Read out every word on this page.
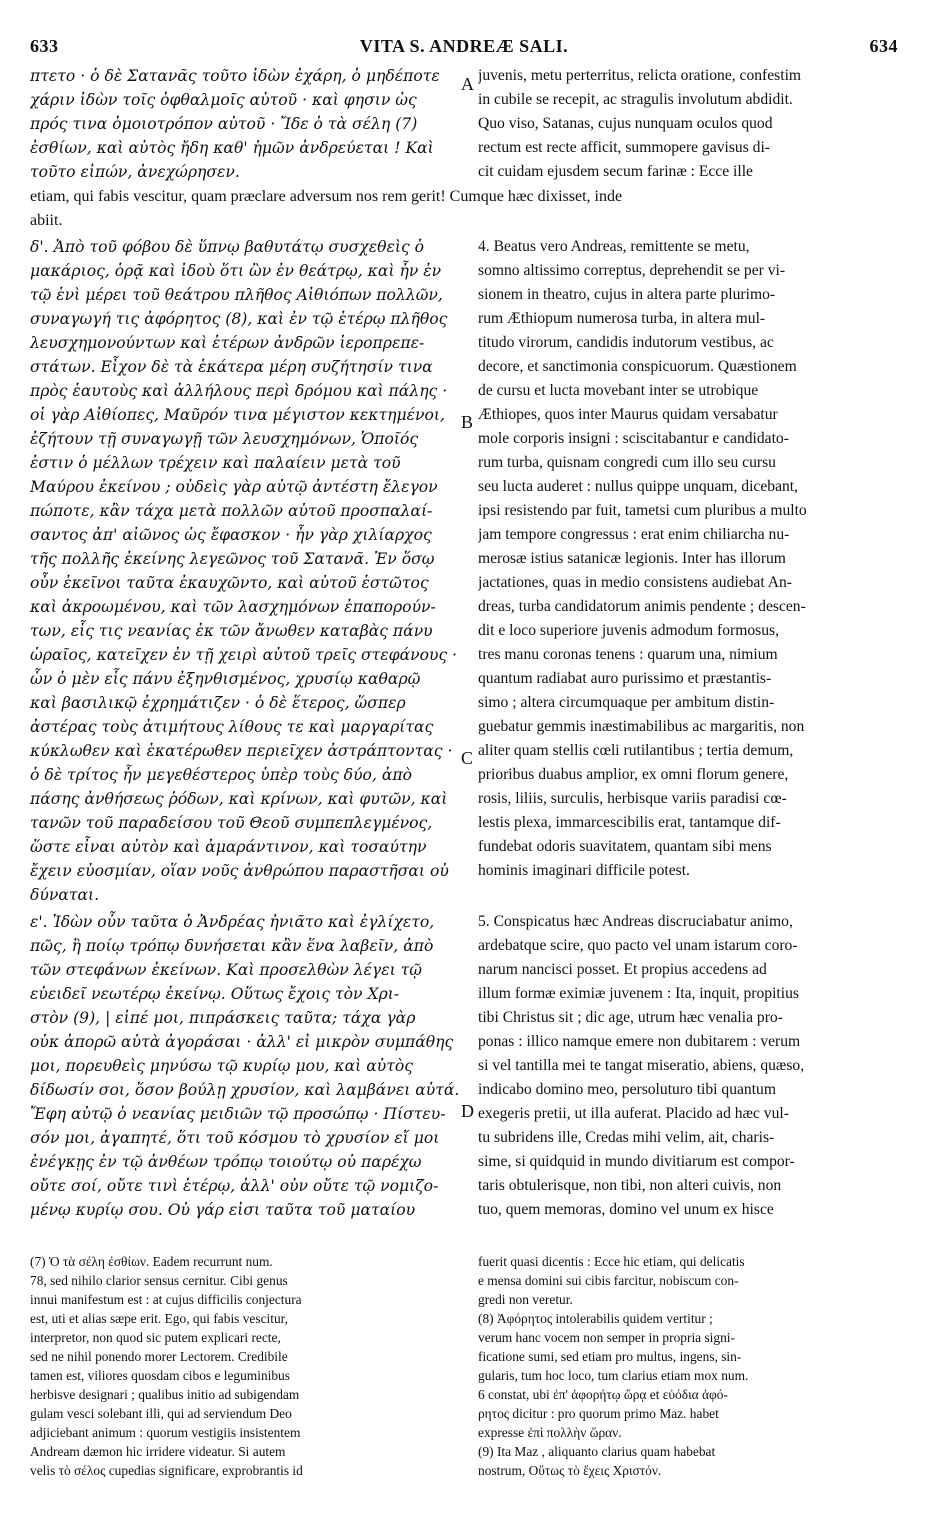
633	VITA S. ANDREÆ SALI.	634
πτετο · ὁ δὲ Σατανᾶς τοῦτο ἰδὼν ἐχάρη, ὁ μηδέποτε
χάριν ἰδὼν τοῖς ὀφθαλμοῖς αὐτοῦ · καὶ φησιν ὡς
πρός τινα ὁμοιοτρόπον αὐτοῦ · Ἴδε ὁ τὰ σέλη (7)
ἐσθίων, καὶ αὐτὸς ἤδη καθ' ἡμῶν ἀνδρεύεται ! Καὶ
τοῦτο εἰπών, ἀνεχώρησεν.
juvenis, metu perterritus, relicta oratione, confestim
in cubile se recepit, ac stragulis involutum abdidit.
Quo viso, Satanas, cujus nunquam oculos quod
rectum est recte afficit, summopere gavisus di-
cit cuidam ejusdem secum farinæ : Ecce ille
etiam, qui fabis vescitur, quam præclare adversum nos rem gerit! Cumque hæc dixisset, inde
abiit.
δ'. Ἀπὸ τοῦ φόβου δὲ ὕπνῳ βαθυτάτῳ συσχεθεὶς ὁ
μακάριος, ὁρᾷ καὶ ἰδοὺ ὅτι ὢν ἐν θεάτρῳ, καὶ ἦν ἐν
τῷ ἑνὶ μέρει τοῦ θεάτρου πλῆθος Αἰθιόπων πολλῶν,
συναγωγή τις ἀφόρητος (8), καὶ ἐν τῷ ἑτέρῳ πλῆθος
λευσχημονούντων καὶ ἑτέρων ἀνδρῶν ἱεροπρεπε-
στάτων. Εἶχον δὲ τὰ ἑκάτερα μέρη συζήτησίν τινα
πρὸς ἑαυτοὺς καὶ ἀλλήλους περὶ δρόμου καὶ πάλης ·
οἱ γὰρ Αἰθίοπες, Μαῦρόν τινα μέγιστον κεκτημένοι,
ἐζήτουν τῇ συναγωγῇ τῶν λευσχημόνων, Ὁποῖός
ἐστιν ὁ μέλλων τρέχειν καὶ παλαίειν μετὰ τοῦ
Μαύρου ἐκείνου ; οὐδεὶς γὰρ αὐτῷ ἀντέστη ἔλεγον
πώποτε, κἂν τάχα μετὰ πολλῶν αὐτοῦ προσπαλαί-
σαντος ἀπ' αἰῶνος ὡς ἔφασκον · ἦν γὰρ χιλίαρχος
τῆς πολλῆς ἐκείνης λεγεῶνος τοῦ Σατανᾶ. Ἐν ὅσῳ
οὖν ἐκεῖνοι ταῦτα ἐκαυχῶντο, καὶ αὐτοῦ ἑστῶτος
καὶ ἀκροωμένου, καὶ τῶν λασχημόνων ἐπαπορούν-
των, εἷς τις νεανίας ἐκ τῶν ἄνωθεν καταβὰς πάνυ
ὡραῖος, κατεῖχεν ἐν τῇ χειρὶ αὐτοῦ τρεῖς στεφάνους ·
ὧν ὁ μὲν εἷς πάνυ ἐξηνθισμένος, χρυσίῳ καθαρῷ
καὶ βασιλικῷ ἐχρημάτιζεν · ὁ δὲ ἕτερος, ὥσπερ
ἀστέρας τοὺς ἀτιμήτους λίθους τε καὶ μαργαρίτας
κύκλωθεν καὶ ἑκατέρωθεν περιεῖχεν ἀστράπτοντας ·
ὁ δὲ τρίτος ἦν μεγεθέστερος ὑπὲρ τοὺς δύο, ἀπὸ
πάσης ἀνθήσεως ῥόδων, καὶ κρίνων, καὶ φυτῶν, καὶ
τανῶν τοῦ παραδείσου τοῦ Θεοῦ συμπεπλεγμένος,
ὥστε εἶναι αὐτὸν καὶ ἀμαράντινον, καὶ τοσαύτην
ἔχειν εὐοσμίαν, οἵαν νοῦς ἀνθρώπου παραστῆσαι οὐ
δύναται.
4. Beatus vero Andreas, remittente se metu,
somno altissimo correptus, deprehendit se per vi-
sionem in theatro, cujus in altera parte plurimo-
rum Æthiopum numerosa turba, in altera mul-
titudo virorum, candidis indutorum vestibus, ac
decore, et sanctimonia conspicuorum. Quæstionem
de cursu et lucta movebant inter se utrobique
Æthiopes, quos inter Maurus quidam versabatur
mole corporis insigni : sciscitabantur e candidato-
rum turba, quisnam congredi cum illo seu cursu
seu lucta auderet : nullus quippe unquam, dicebant,
ipsi resistendo par fuit, tametsi cum pluribus a multo
jam tempore congressus : erat enim chiliarcha nu-
merosæ istius satanicæ legionis. Inter has illorum
jactationes, quas in medio consistens audiebat An-
dreas, turba candidatorum animis pendente ; descen-
dit e loco superiore juvenis admodum formosus,
tres manu coronas tenens : quarum una, nimium
quantum radiabat auro purissimo et præstantis-
simo ; altera circumquaque per ambitum distin-
guebatur gemmis inæstimabilibus ac margaritis, non
aliter quam stellis cœli rutilantibus ; tertia demum,
prioribus duabus amplior, ex omni florum genere,
rosis, liliis, surculis, herbisque variis paradisi cœ-
lestis plexa, immarcescibilis erat, tantamque dif-
fundebat odoris suavitatem, quantam sibi mens
hominis imaginari difficile potest.
ε'. Ἰδὼν οὖν ταῦτα ὁ Ἀνδρέας ἠνιᾶτο καὶ ἐγλίχετο,
πῶς, ἢ ποίῳ τρόπῳ δυνήσεται κἂν ἕνα λαβεῖν, ἀπὸ
τῶν στεφάνων ἐκείνων. Καὶ προσελθὼν λέγει τῷ
εὐειδεῖ νεωτέρῳ ἐκείνῳ. Οὕτως ἔχοις τὸν Χρι-
στὸν (9), | εἰπέ μοι, πιπράσκεις ταῦτα; τάχα γὰρ
οὐκ ἀπορῶ αὐτὰ ἀγοράσαι · ἀλλ' εἰ μικρὸν συμπάθης
μοι, πορευθεὶς μηνύσω τῷ κυρίῳ μου, καὶ αὐτὸς
δίδωσίν σοι, ὅσον βούλῃ χρυσίον, καὶ λαμβάνει αὐτά.
Ἔφη αὐτῷ ὁ νεανίας μειδιῶν τῷ προσώπῳ · Πίστευ-
σόν μοι, ἀγαπητέ, ὅτι τοῦ κόσμου τὸ χρυσίον εἴ μοι
ἐνέγκῃς ἐν τῷ ἀνθέων τρόπῳ τοιούτῳ οὐ παρέχω
οὔτε σοί, οὔτε τινὶ ἑτέρῳ, ἀλλ' οὐν οὔτε τῷ νομιζο-
μένῳ κυρίῳ σου. Οὐ γάρ εἰσι ταῦτα τοῦ ματαίου
5. Conspicatus hæc Andreas discruciabatur animo,
ardebatque scire, quo pacto vel unam istarum coro-
narum nancisci posset. Et propius accedens ad
illum formæ eximiæ juvenem : Ita, inquit, propitius
tibi Christus sit ; dic age, utrum hæc venalia pro-
ponas : illico namque emere non dubitarem : verum
si vel tantilla mei te tangat miseratio, abiens, quæso,
indicabo domino meo, persoluturo tibi quantum
exegeris pretii, ut illa auferat. Placido ad hæc vul-
tu subridens ille, Credas mihi velim, ait, charis-
sime, si quidquid in mundo divitiarum est compor-
taris obtulerisque, non tibi, non alteri cuivis, non
tuo, quem memoras, domino vel unum ex hisce
(7) Ὁ τὰ σέλη ἐσθίων. Eadem recurrunt num.
78, sed nihilo clarior sensus cernitur. Cibi genus
innui manifestum est : at cujus difficilis conjectura
est, uti et alias sæpe erit. Ego, qui fabis vescitur,
interpretor, non quod sic putem explicari recte,
sed ne nihil ponendo morer Lectorem. Credibile
tamen est, viliores quosdam cibos e leguminibus
herbisve designari ; qualibus initio ad subigendam
gulam vesci solebant illi, qui ad serviendum Deo
adjiciebant animum : quorum vestigiis insistentem
Andream dæmon hic irridere videatur. Si autem
velis τὸ σέλος cupedias significare, exprobrantis id
fuerit quasi dicentis : Ecce hic etiam, qui delicatis
e mensa domini sui cibis farcitur, nobiscum con-
gredi non veretur.
(8) Ἀφόρητος intolerabilis quidem vertitur ;
verum hanc vocem non semper in propria signi-
ficatione sumi, sed etiam pro multus, ingens, sin-
gularis, tum hoc loco, tum clarius etiam mox num.
6 constat, ubi ἐπ' ἀφορήτῳ ὥρᾳ et εὐόδια ἀφό-
ρητος dicitur : pro quorum primo Maz. habet
expresse ἐπὶ πολλὴν ὥραν.
(9) Ita Maz , aliquanto clarius quam habebat
nostrum, Οὕτως τὸ ἔχεις Χριστόν.
A
B
C
D
